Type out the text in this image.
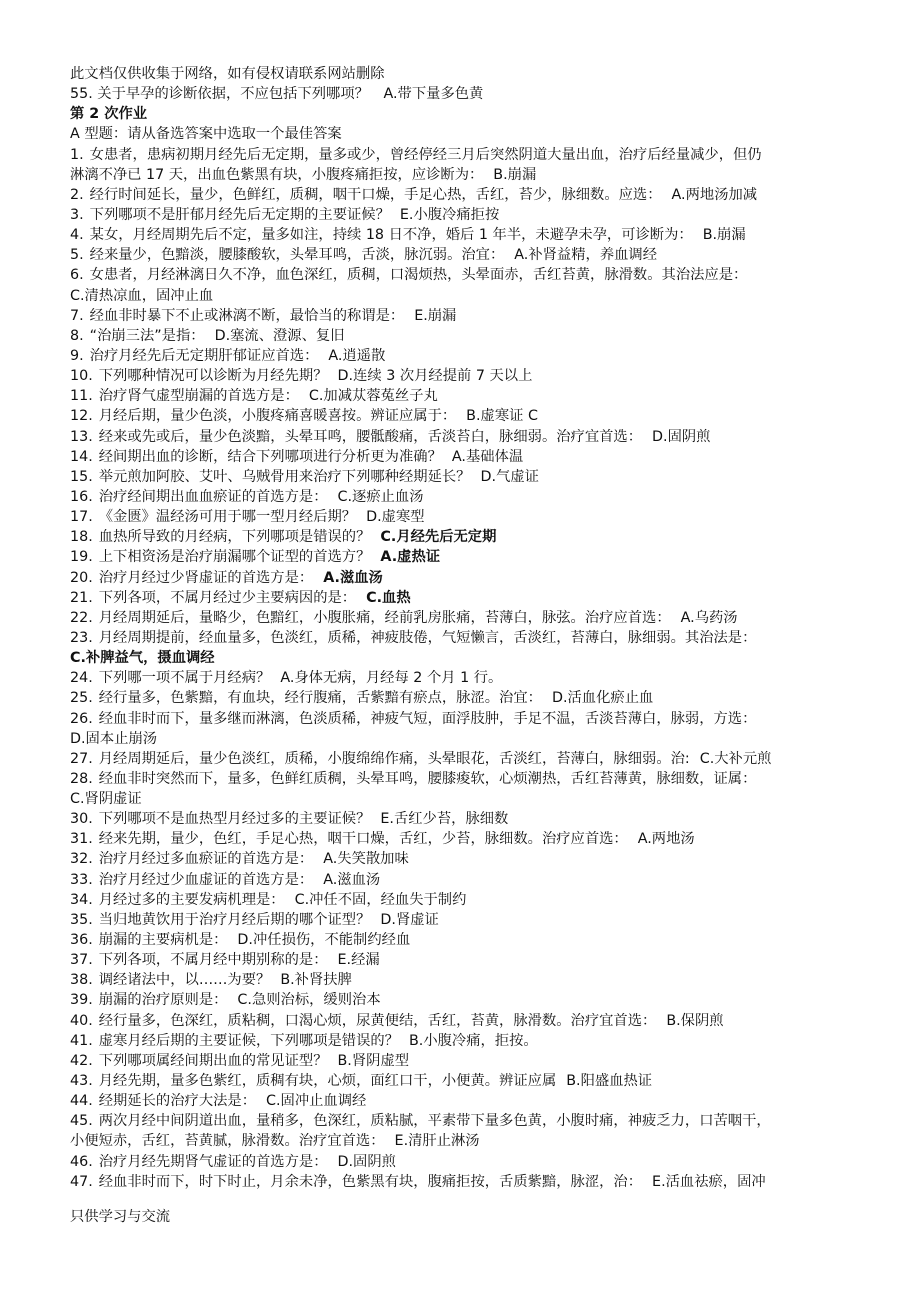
此文档仅供收集于网络，如有侵权请联系网站删除
55. 关于早孕的诊断依据，不应包括下列哪项？ A.带下量多色黄
第 2 次作业
A 型题：请从备选答案中选取一个最佳答案
1. 女患者，患病初期月经先后无定期，量多或少，曾经停经三月后突然阴道大量出血，治疗后经量减少，但仍
淋漓不净已 17 天，出血色紫黑有块，小腹疼痛拒按，应诊断为： B.崩漏
2. 经行时间延长，量少，色鲜红，质稠，咽干口燥，手足心热，舌红，苔少，脉细数。应选： A.两地汤加减
3. 下列哪项不是肝郁月经先后无定期的主要证候？ E.小腹冷痛拒按
4. 某女，月经周期先后不定，量多如注，持续 18 日不净，婚后 1 年半，未避孕未孕，可诊断为： B.崩漏
5. 经来量少，色黯淡，腰膝酸软，头晕耳鸣，舌淡，脉沉弱。治宜： A.补肾益精，养血调经
6. 女患者，月经淋漓日久不净，血色深红，质稠，口渴烦热，头晕面赤，舌红苔黄，脉滑数。其治法应是：
C.清热凉血，固冲止血
7. 经血非时暴下不止或淋漓不断，最恰当的称谓是： E.崩漏
8. “治崩三法”是指： D.塞流、澄源、复旧
9. 治疗月经先后无定期肝郁证应首选： A.逍遥散
10. 下列哪种情况可以诊断为月经先期？ D.连续 3 次月经提前 7 天以上
11. 治疗肾气虚型崩漏的首选方是： C.加减苁蓉菟丝子丸
12. 月经后期，量少色淡，小腹疼痛喜暖喜按。辨证应属于： B.虚寒证 C
13. 经来或先或后，量少色淡黯，头晕耳鸣，腰骶酸痛，舌淡苔白，脉细弱。治疗宜首选： D.固阴煎
14. 经间期出血的诊断，结合下列哪项进行分析更为准确？ A.基础体温
15. 举元煎加阿胶、艾叶、乌贼骨用来治疗下列哪种经期延长？ D.气虚证
16. 治疗经间期出血血瘀证的首选方是： C.逐瘀止血汤
17. 《金匮》温经汤可用于哪一型月经后期？ D.虚寒型
18. 血热所导致的月经病，下列哪项是错误的？ C.月经先后无定期
19. 上下相资汤是治疗崩漏哪个证型的首选方？ A.虚热证
20. 治疗月经过少肾虚证的首选方是： A.滋血汤
21. 下列各项，不属月经过少主要病因的是： C.血热
22. 月经周期延后，量略少，色黯红，小腹胀痛，经前乳房胀痛，苔薄白，脉弦。治疗应首选： A.乌药汤
23. 月经周期提前，经血量多，色淡红，质稀，神疲肢倦，气短懒言，舌淡红，苔薄白，脉细弱。其治法是：
C.补脾益气，摄血调经
24. 下列哪一项不属于月经病？ A.身体无病，月经每 2 个月 1 行。
25. 经行量多，色紫黯，有血块，经行腹痛，舌紫黯有瘀点，脉涩。治宜： D.活血化瘀止血
26. 经血非时而下，量多继而淋漓，色淡质稀，神疲气短，面浮肢肿，手足不温，舌淡苔薄白，脉弱，方选：
D.固本止崩汤
27. 月经周期延后，量少色淡红，质稀，小腹绵绵作痛，头晕眼花，舌淡红，苔薄白，脉细弱。治: C.大补元煎
28. 经血非时突然而下，量多，色鲜红质稠，头晕耳鸣，腰膝痠软，心烦潮热，舌红苔薄黄，脉细数，证属：
C.肾阴虚证
30. 下列哪项不是血热型月经过多的主要证候？ E.舌红少苔，脉细数
31. 经来先期，量少，色红，手足心热，咽干口燥，舌红，少苔，脉细数。治疗应首选： A.两地汤
32. 治疗月经过多血瘀证的首选方是： A.失笑散加味
33. 治疗月经过少血虚证的首选方是： A.滋血汤
34. 月经过多的主要发病机理是： C.冲任不固，经血失于制约
35. 当归地黄饮用于治疗月经后期的哪个证型？ D.肾虚证
36. 崩漏的主要病机是： D.冲任损伤，不能制约经血
37. 下列各项，不属月经中期别称的是： E.经漏
38. 调经诸法中，以……为要？ B.补肾扶脾
39. 崩漏的治疗原则是： C.急则治标，缓则治本
40. 经行量多，色深红，质粘稠，口渴心烦，尿黄便结，舌红，苔黄，脉滑数。治疗宜首选： B.保阴煎
41. 虚寒月经后期的主要证候，下列哪项是错误的？ B.小腹冷痛，拒按。
42. 下列哪项属经间期出血的常见证型？ B.肾阴虚型
43. 月经先期，量多色紫红，质稠有块，心烦，面红口干，小便黄。辨证应属 B.阳盛血热证
44. 经期延长的治疗大法是： C.固冲止血调经
45. 两次月经中间阴道出血，量稍多，色深红，质粘腻，平素带下量多色黄，小腹时痛，神疲乏力，口苦咽干，
小便短赤，舌红，苔黄腻，脉滑数。治疗宜首选： E.清肝止淋汤
46. 治疗月经先期肾气虚证的首选方是： D.固阴煎
47. 经血非时而下，时下时止，月余未净，色紫黑有块，腹痛拒按，舌质紫黯，脉涩，治： E.活血祛瘀，固冲
只供学习与交流
